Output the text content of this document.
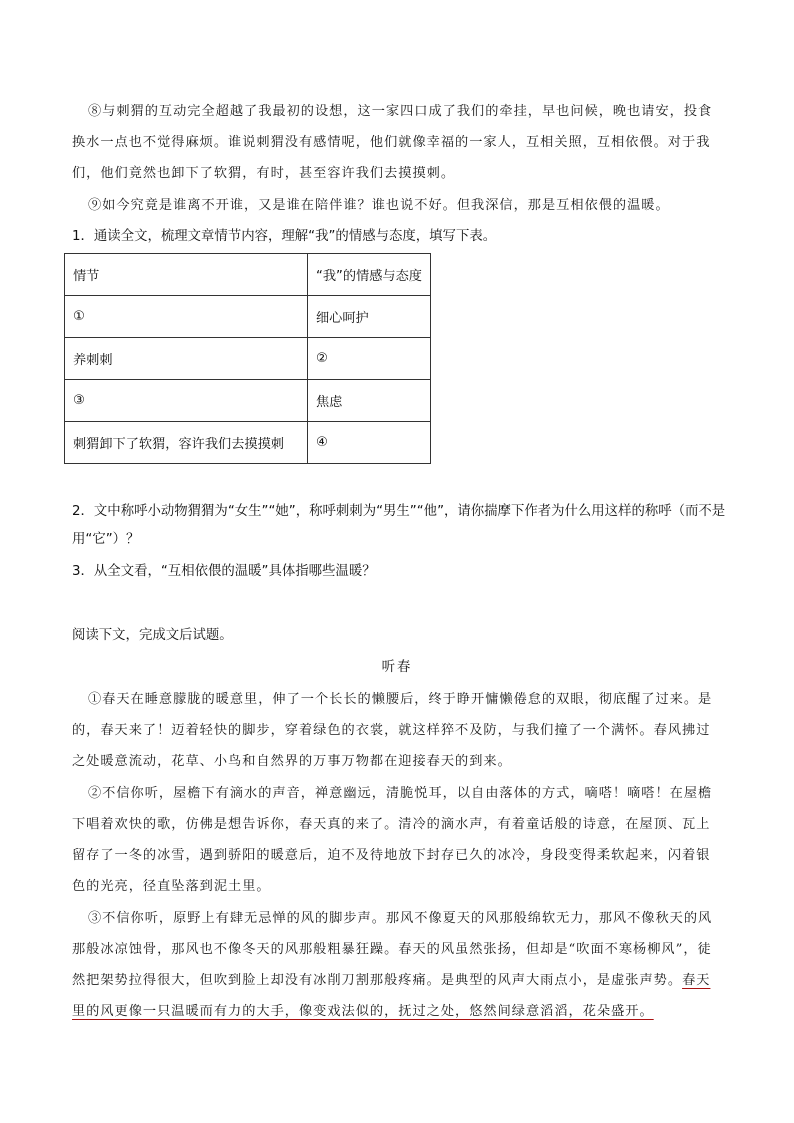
⑧与刺猬的互动完全超越了我最初的设想，这一家四口成了我们的牵挂，早也问候，晚也请安，投食换水一点也不觉得麻烦。谁说刺猬没有感情呢，他们就像幸福的一家人，互相关照，互相依偎。对于我们，他们竟然也卸下了软猬，有时，甚至容许我们去摸摸刺。
⑨如今究竟是谁离不开谁，又是谁在陪伴谁？谁也说不好。但我深信，那是互相依偎的温暖。
1．通读全文，梳理文章情节内容，理解“我”的情感与态度，填写下表。
情节	“我”的情感与态度
①	细心呵护
养刺刺	②
③	焦虑
刺猬卸下了软猬，容许我们去摸摸刺	④
2．文中称呼小动物猬猬为“女生”“她”，称呼刺刺为“男生”“他”，请你揣摩下作者为什么用这样的称呼（而不是用“它”）？
3．从全文看，“互相依偎的温暖”具体指哪些温暖？
阅读下文，完成文后试题。
听春
①春天在睡意朦胧的暖意里，伸了一个长长的懒腰后，终于睁开慵懒倦怠的双眼，彻底醒了过来。是的，春天来了！迈着轻快的脚步，穿着绿色的衣裳，就这样猝不及防，与我们撞了一个满怀。春风拂过之处暖意流动，花草、小鸟和自然界的万事万物都在迎接春天的到来。
②不信你听，屋檐下有滴水的声音，禅意幽远，清脆悦耳，以自由落体的方式，嘀嗒！嘀嗒！在屋檐下唱着欢快的歌，仿佛是想告诉你，春天真的来了。清冷的滴水声，有着童话般的诗意，在屋顶、瓦上留存了一冬的冰雪，遇到骄阳的暖意后，迫不及待地放下封存已久的冰冷，身段变得柔软起来，闪着银色的光亮，径直坠落到泥土里。
③不信你听，原野上有肆无忌惮的风的脚步声。那风不像夏天的风那般绵软无力，那风不像秋天的风那般冰凉蚀骨，那风也不像冬天的风那般粗暴狂躁。春天的风虽然张扬，但却是“吹面不寒杨柳风”，徒然把架势拉得很大，但吹到脸上却没有冰削刀割那般疼痛。是典型的风声大雨点小，是虚张声势。春天里的风更像一只温暖而有力的大手，像变戏法似的，抚过之处，悠然间绿意滔滔，花朵盛开。
